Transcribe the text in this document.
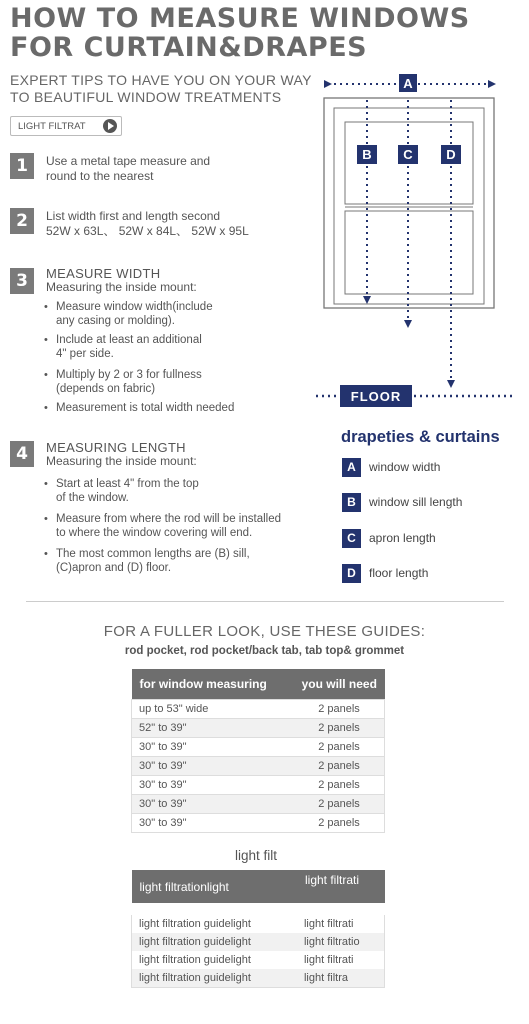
HOW TO MEASURE WINDOWS
FOR CURTAIN&DRAPES
EXPERT TIPS TO HAVE YOU ON YOUR WAY
TO BEAUTIFUL WINDOW TREATMENTS
LIGHT FILTRAT
1	Use a metal tape measure and
round to the nearest
2	List width first and length second
52W x 63L、 52W x 84L、 52W x 95L
3	MEASURE WIDTH
Measuring the inside mount:
• Measure window width(include
any casing or molding).
• Include at least an additional
4" per side.
• Multiply by 2 or 3 for fullness
(depends on fabric)
• Measurement is total width needed
4	MEASURING LENGTH
Measuring the inside mount:
• Start at least 4" from the top
of the window.
• Measure from where the rod will be installed
to where the window covering will end.
• The most common lengths are (B) sill,
(C)apron and (D) floor.
A
B C	D
FLOOR
drapeties & curtains
A	window width
B	window sill length
C	apron length
D	floor length
FOR A FULLER LOOK, USE THESE GUIDES:
rod pocket, rod pocket/back tab, tab top& grommet
for window measuring	you will need
up to 53" wide	2 panels
52" to 39"	2 panels
30" to 39"	2 panels
30" to 39"	2 panels
30" to 39"	2 panels
30" to 39"	2 panels
30" to 39"	2 panels
light filt
light filtrationlight	light filtrati

light filtration guidelight	light filtrati
light filtration guidelight	light filtratio
light filtration guidelight	light filtrati
light filtration guidelight	light filtra
